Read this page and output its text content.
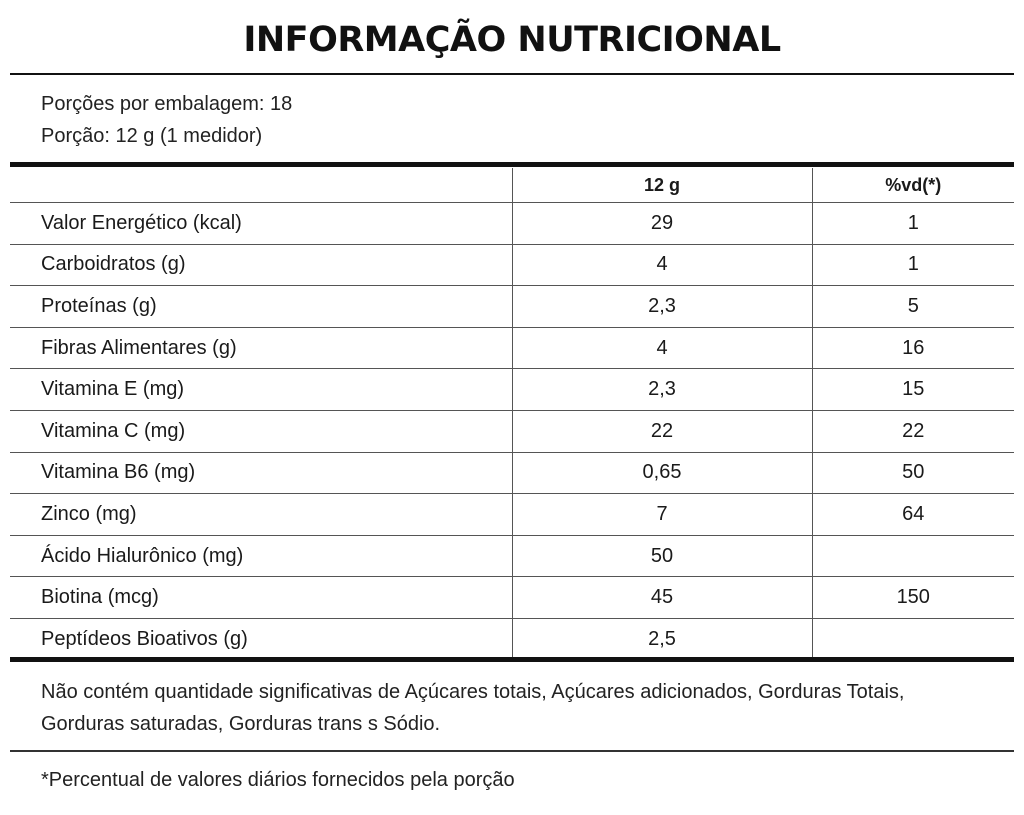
INFORMAÇÃO NUTRICIONAL
Porções por embalagem: 18
Porção: 12 g (1 medidor)
	12 g	%vd(*)
Valor Energético (kcal)	29	1
Carboidratos (g)	4	1
Proteínas (g)	2,3	5
Fibras Alimentares (g)	4	16
Vitamina E (mg)	2,3	15
Vitamina C (mg)	22	22
Vitamina B6 (mg)	0,65	50
Zinco (mg)	7	64
Ácido Hialurônico (mg)	50	
Biotina (mcg)	45	150
Peptídeos Bioativos (g)	2,5	
Não contém quantidade significativas de Açúcares totais, Açúcares adicionados, Gorduras Totais,
Gorduras saturadas, Gorduras trans s Sódio.
*Percentual de valores diários fornecidos pela porção
